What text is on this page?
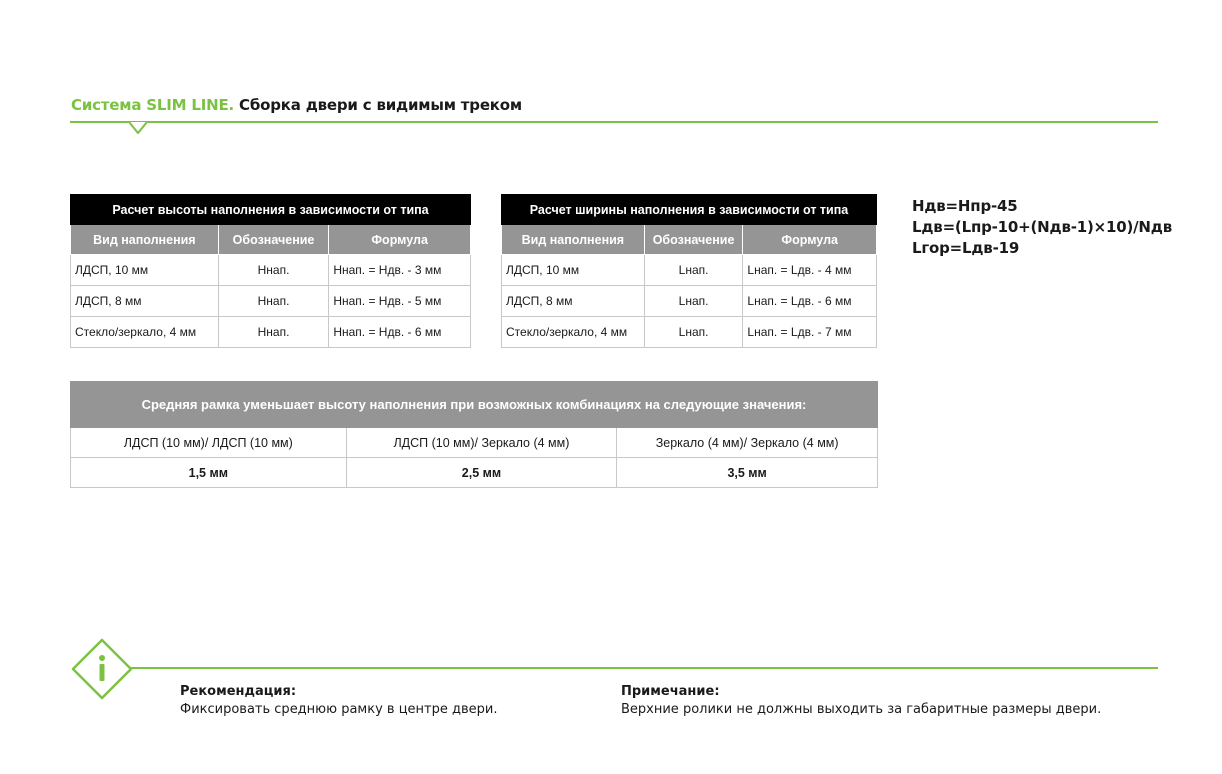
Система SLIM LINE. Сборка двери с видимым треком
Расчет высоты наполнения в зависимости от типа		
Вид наполнения	Обозначение	Формула
ЛДСП, 10 мм	Ннап.	Ннап. = Ндв. - 3 мм
ЛДСП, 8 мм	Ннап.	Ннап. = Ндв. - 5 мм
Стекло/зеркало, 4 мм	Ннап.	Ннап. = Ндв. - 6 мм
Расчет ширины наполнения в зависимости от типа		
Вид наполнения	Обозначение	Формула
ЛДСП, 10 мм	Lнап.	Lнап. = Lдв. - 4 мм
ЛДСП, 8 мм	Lнап.	Lнап. = Lдв. - 6 мм
Стекло/зеркало, 4 мм	Lнап.	Lнап. = Lдв. - 7 мм
Hдв=Hпр-45
Lдв=(Lпр-10+(Nдв-1)×10)/Nдв
Lгор=Lдв-19
Средняя рамка уменьшает высоту наполнения при возможных комбинациях на следующие значения:		
ЛДСП (10 мм)/ ЛДСП (10 мм)	ЛДСП (10 мм)/ Зеркало (4 мм)	Зеркало (4 мм)/ Зеркало (4 мм)
1,5 мм	2,5 мм	3,5 мм
Рекомендация:
Фиксировать среднюю рамку в центре двери.
Примечание:
Верхние ролики не должны выходить за габаритные размеры двери.
